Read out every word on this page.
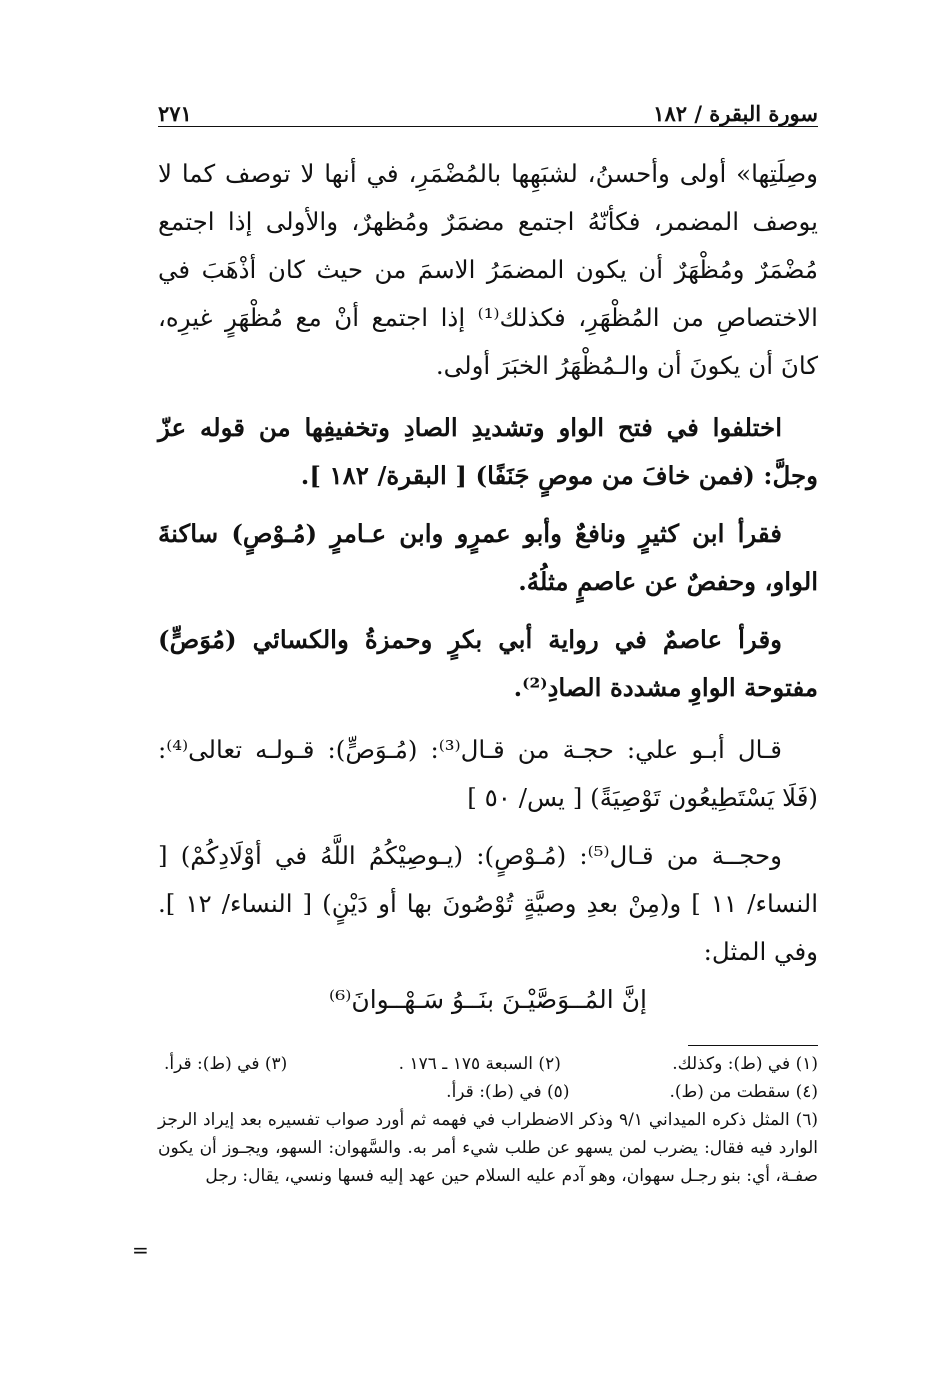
سورة البقرة / ١٨٢
٢٧١

وصِلَتِها» أولى وأحسنُ، لشبَهِها بالمُضْمَرِ، في أنها لا توصف كما لا يوصف المضمر، فكأنّهُ اجتمع مضمَرٌ ومُظهرٌ، والأولى إذا اجتمع مُضْمَرٌ ومُظْهَرٌ أن يكون المضمَرُ الاسمَ من حيث كان أذْهَبَ في الاختصاصِ من المُظْهَرِ، فكذلك⁽¹⁾ إذا اجتمع أنْ مع مُظْهَرٍ غيرِه، كانَ أن يكونَ أن والـمُظْهَرُ الخبَرَ أولى.

اختلفوا في فتح الواو وتشديدِ الصادِ وتخفيفِها من قوله عزّ وجلَّ: (فمن خافَ من موصٍ جَنَفًا) [ البقرة/ ١٨٢ ].

فقرأ ابن كثيرٍ ونافعٌ وأبو عمرٍو وابن عـامرٍ (مُـوْصٍ) ساكنةَ الواو، وحفصٌ عن عاصمٍ مثلُهُ.

وقرأ عاصمٌ في رواية أبي بكرٍ وحمزةُ والكسائي (مُوَصٍّ) مفتوحة الواوِ مشددة الصادِ⁽²⁾.

قـال أبـو علي: حجـة من قـال⁽³⁾: (مُـوَصٍّ): قـولـه تعالى⁽⁴⁾: (فَلَا يَسْتَطِيعُون تَوْصِيَةً) [ يس/ ٥٠ ]

وحجــة من قـال⁽⁵⁾: (مُـوْصٍ): (يـوصِيْكُمُ اللَّهُ في أوْلَادِكُمْ) [ النساء/ ١١ ] و(مِنْ بعدِ وصيَّةٍ تُوْصُونَ بها أو دَيْنٍ) [ النساء/ ١٢ ]. وفي المثل:

إنَّ المُــوَصَّيْـنَ بنَــوُ سَـهْــوانَ⁽⁶⁾

(١) في (ط): وكذلك.
(٢) السبعة ١٧٥ ـ ١٧٦ .
(٣) في (ط): قرأ.
(٤) سقطت من (ط).
(٥) في (ط): قرأ.

(٦) المثل ذكره الميداني ٩/١ وذكر الاضطراب في فهمه ثم أورد صواب تفسيره بعد إيراد الرجز الوارد فيه فقال: يضرب لمن يسهو عن طلب شيء أمر به. والسَّهوان: السهو، ويجـوز أن يكون صفـة، أي: بنو رجـل سهوان، وهو آدم عليه السلام حين عهد إليه فسها ونسي، يقال: رجل

=
